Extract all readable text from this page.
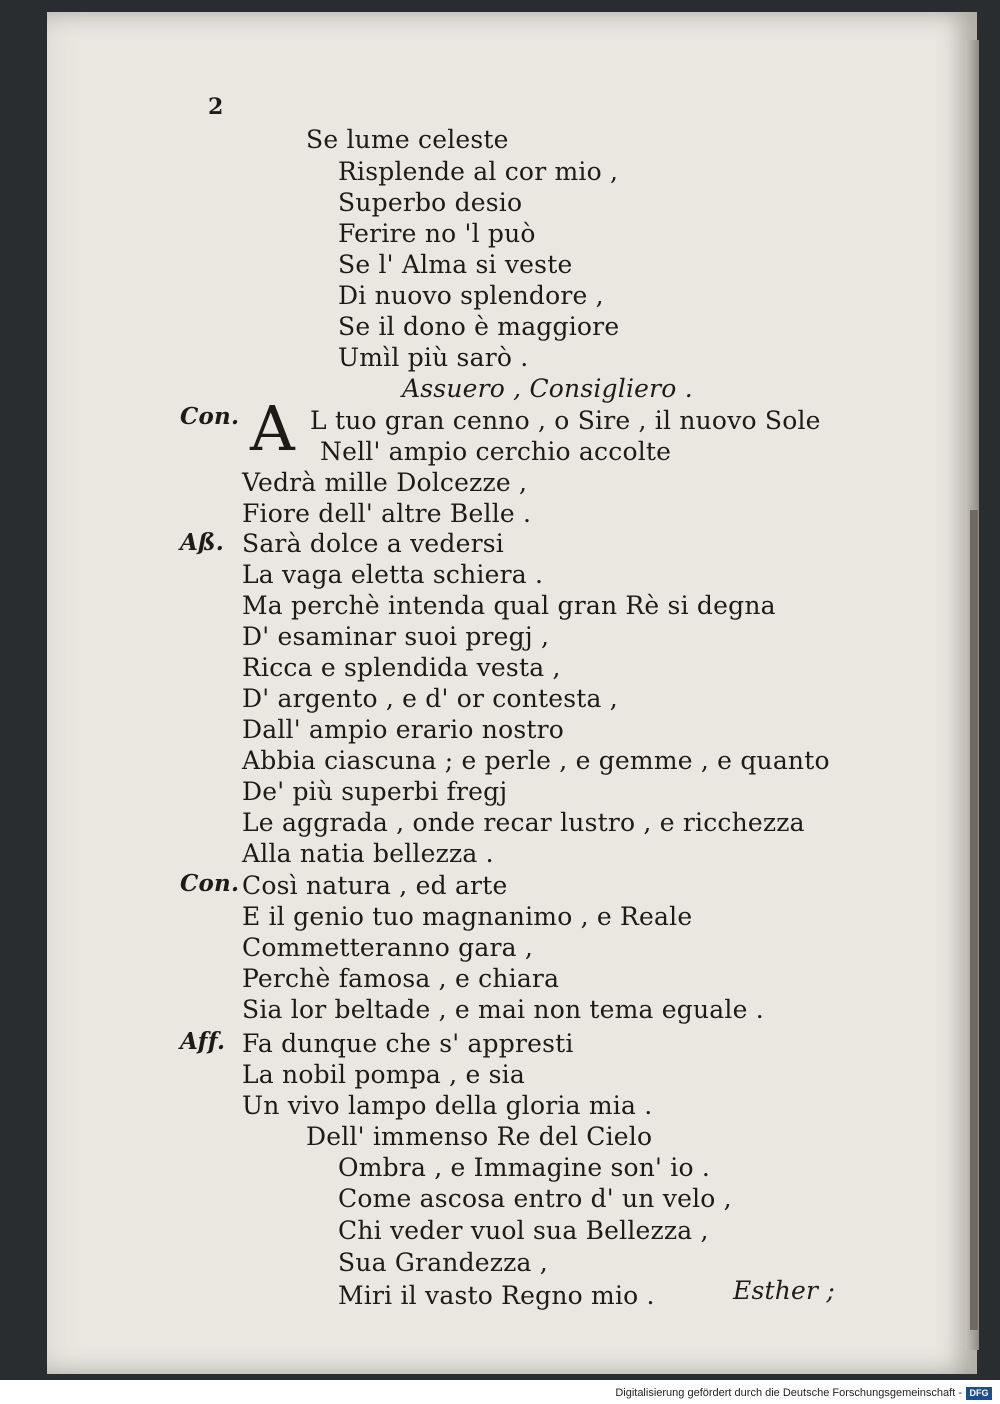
2
Se lume celeste
Risplende al cor mio ,
Superbo desio
Ferire no 'l può
Se l' Alma si veste
Di nuovo splendore ,
Se il dono è maggiore
Umìl più sarò .
Assuero , Consigliero .
Con. A L tuo gran cenno , o Sire , il nuovo Sole
Nell' ampio cerchio accolte
Vedrà mille Dolcezze ,
Fiore dell' altre Belle .
Aß. Sarà dolce a vedersi
La vaga eletta schiera .
Ma perchè intenda qual gran Rè si degna
D' esaminar suoi pregj ,
Ricca e splendida vesta ,
D' argento , e d' or contesta ,
Dall' ampio erario nostro
Abbia ciascuna ; e perle , e gemme , e quanto
De' più superbi fregj
Le aggrada , onde recar lustro , e ricchezza
Alla natia bellezza .
Con. Così natura , ed arte
E il genio tuo magnanimo , e Reale
Commetteranno gara ,
Perchè famosa , e chiara
Sia lor beltade , e mai non tema eguale .
Aff. Fa dunque che s' appresti
La nobil pompa , e sia
Un vivo lampo della gloria mia .
Dell' immenso Re del Cielo
Ombra , e Immagine son' io .
Come ascosa entro d' un velo ,
Chi veder vuol sua Bellezza ,
Sua Grandezza ,
Miri il vasto Regno mio .	Esther ;
Digitalisierung gefördert durch die Deutsche Forschungsgemeinschaft - DFG
